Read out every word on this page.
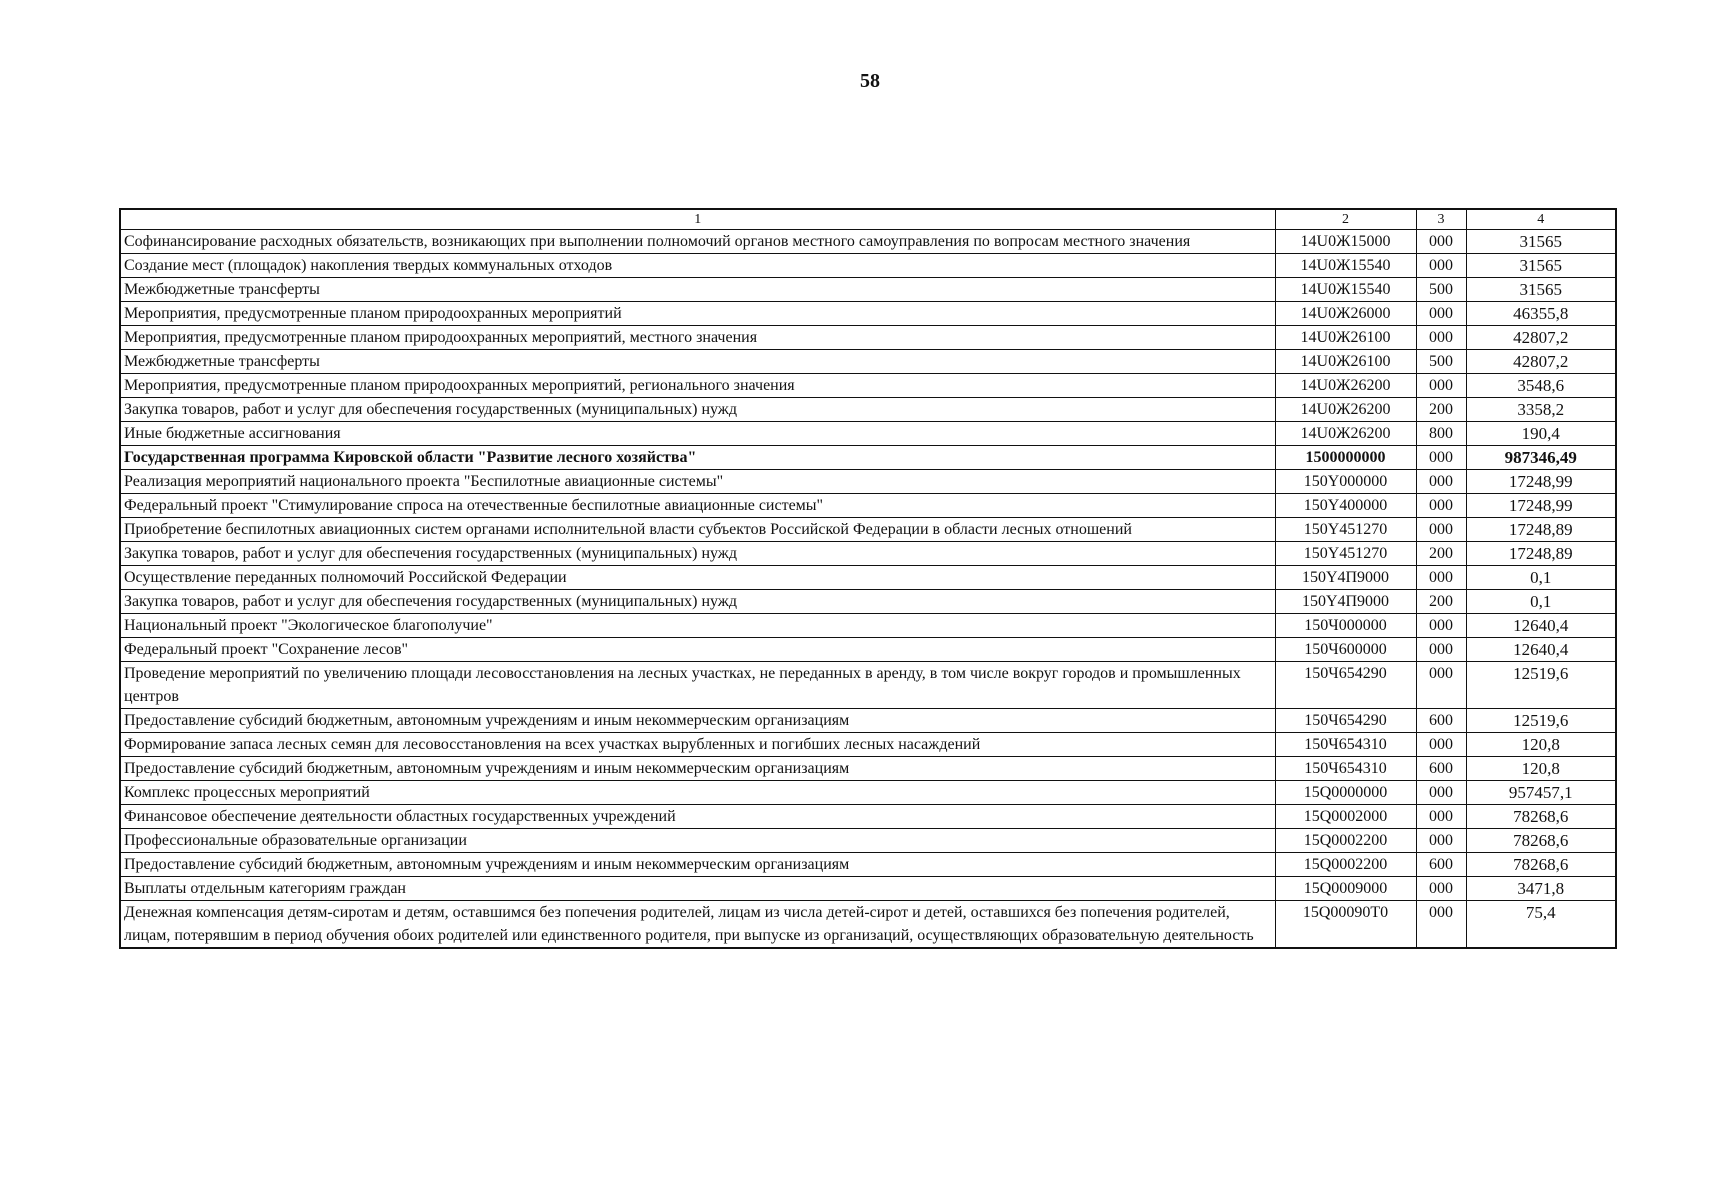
58
1	2	3	4
Софинансирование расходных обязательств, возникающих при выполнении полномочий органов местного самоуправления по вопросам местного значения	14U0Ж15000	000	31565
Создание мест (площадок) накопления твердых коммунальных отходов	14U0Ж15540	000	31565
Межбюджетные трансферты	14U0Ж15540	500	31565
Мероприятия, предусмотренные планом природоохранных мероприятий	14U0Ж26000	000	46355,8
Мероприятия, предусмотренные планом природоохранных мероприятий, местного значения	14U0Ж26100	000	42807,2
Межбюджетные трансферты	14U0Ж26100	500	42807,2
Мероприятия, предусмотренные планом природоохранных мероприятий, регионального значения	14U0Ж26200	000	3548,6
Закупка товаров, работ и услуг для обеспечения государственных (муниципальных) нужд	14U0Ж26200	200	3358,2
Иные бюджетные ассигнования	14U0Ж26200	800	190,4
Государственная программа Кировской области "Развитие лесного хозяйства"	1500000000	000	987346,49
Реализация мероприятий национального проекта "Беспилотные авиационные системы"	150Y000000	000	17248,99
Федеральный проект "Стимулирование спроса на отечественные беспилотные авиационные системы"	150Y400000	000	17248,99
Приобретение беспилотных авиационных систем органами исполнительной власти субъектов Российской Федерации в области лесных отношений	150Y451270	000	17248,89
Закупка товаров, работ и услуг для обеспечения государственных (муниципальных) нужд	150Y451270	200	17248,89
Осуществление переданных полномочий Российской Федерации	150Y4П9000	000	0,1
Закупка товаров, работ и услуг для обеспечения государственных (муниципальных) нужд	150Y4П9000	200	0,1
Национальный проект "Экологическое благополучие"	150Ч000000	000	12640,4
Федеральный проект "Сохранение лесов"	150Ч600000	000	12640,4
Проведение мероприятий по увеличению площади лесовосстановления на лесных участках, не переданных в аренду, в том числе вокруг городов и промышленных центров	150Ч654290	000	12519,6
Предоставление субсидий бюджетным, автономным учреждениям и иным некоммерческим организациям	150Ч654290	600	12519,6
Формирование запаса лесных семян для лесовосстановления на всех участках вырубленных и погибших лесных насаждений	150Ч654310	000	120,8
Предоставление субсидий бюджетным, автономным учреждениям и иным некоммерческим организациям	150Ч654310	600	120,8
Комплекс процессных мероприятий	15Q0000000	000	957457,1
Финансовое обеспечение деятельности областных государственных учреждений	15Q0002000	000	78268,6
Профессиональные образовательные организации	15Q0002200	000	78268,6
Предоставление субсидий бюджетным, автономным учреждениям и иным некоммерческим организациям	15Q0002200	600	78268,6
Выплаты отдельным категориям граждан	15Q0009000	000	3471,8
Денежная компенсация детям-сиротам и детям, оставшимся без попечения родителей, лицам из числа детей-сирот и детей, оставшихся без попечения родителей, лицам, потерявшим в период обучения обоих родителей или единственного родителя, при выпуске из организаций, осуществляющих образовательную деятельность	15Q00090T0	000	75,4
